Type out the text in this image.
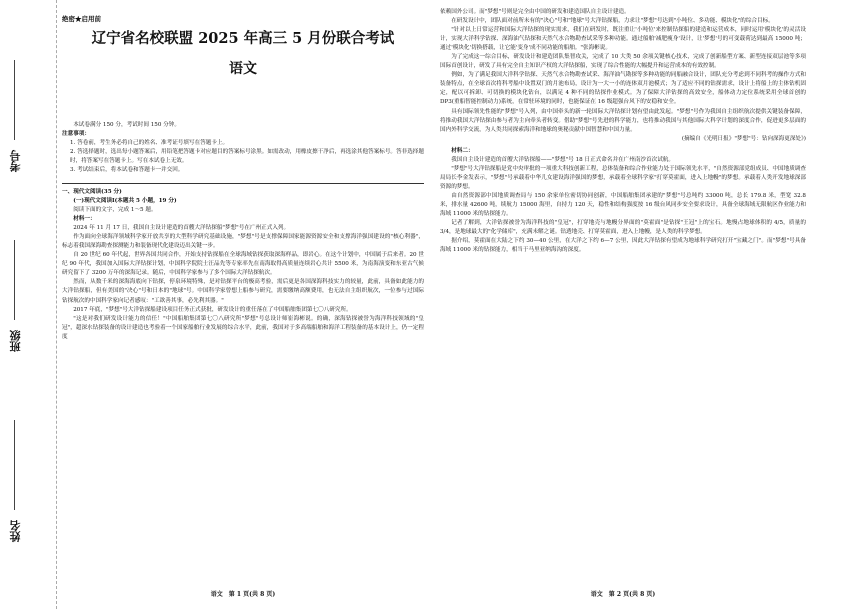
考号
班级
姓名
绝密★启用前
辽宁省名校联盟 2025 年高三 5 月份联合考试
语文

本试卷满分 150 分，考试时间 150 分钟。

注意事项：

1. 答卷前，考生务必将自己的姓名、准考证号填写在答题卡上。

2. 答选择题时，选出每小题答案后，用铅笔把答题卡对应题目的答案标号涂黑。如需改动，用橡皮擦干净后，再选涂其他答案标号。答非选择题时，将答案写在答题卡上。写在本试卷上无效。

3. 考试结束后，将本试卷和答题卡一并交回。

一、现代文阅读(35 分)

(一)现代文阅读Ⅰ(本题共 5 小题，19 分)

阅读下面的文字，完成 1～5 题。

材料一：

2024 年 11 月 17 日，我国自主设计建造的首艘大洋钻探船"梦想"号在广州正式入列。

作为面向全球海洋领域科学家开放共享的大型科学研究基础设施，"梦想"号是支撑保障国家能源资源安全和支撑海洋强国建设的"核心利器"，标志着我国深海勘查探测能力和装备现代化建设迈出关键一步。

自 20 世纪 60 年代起，世界各国共同合作，开始支持钻探船在全球海域钻探获取深海样品，即岩心。在这个计划中，中国属于后来者。20 世纪 90 年代，我国加入国际大洋钻探计划，中国科学院院士汪品先等专家率先在南海取得高质量连续岩心共计 5500 米，为南海演变和东亚古气候研究留下了 3200 万年的深海记录。随后，中国科学家参与了多个国际大洋钻探航次。

然而，从数千米的深海海底向下钻探，停泉环境特殊，是对钻探平台的极高考验，需后更是各国深海科技实力的较量，此前，具备如此能力的大洋钻探船，但有美国的"决心"号和日本的"地球"号。中国科学家曾想上船参与研究，需要缴纳高额费用，也无法自主组织航次，一位参与过国际钻探航次的中国科学家向记者感叹："工欲善其事，必先利其器。"

2017 年底，"梦想"号大洋钻探船建设项目任务正式获批，研发设计的重任落在了中国船舶集团第七〇八研究所。

"这是对我们研发设计能力的信任！"中国船舶集团第七〇八研究所"梦想"号总设计师崔海彬说。的确，深海钻探被誉为海洋科技领域的"皇冠"，超深水钻探装备的设计建造也考验着一个国家船舶行业发展的综合水平，此前，我国对于多高端船舶和海洋工程装备的基本设计上，仍一定程度

语文　第 1 页(共 8 页)

依赖国外公司。而"梦想"号则是完全由中国的研发和建造国队自主设计建造。

在研发设计中，团队面对前所未有的"决心"号和"地球"号大洋钻探船，力求让"梦想"号达到"小吨位、多功能、模块化"的综合目标。

"针对以上日常运营和国际大洋钻探的现实需求，我们在研发时，既注重让'小吨位'来控制钻探船的建造和运营成本，同时运用'模块化'的灵活设计，实现大洋科学钻探、深海油气钻探和天然气水合物勘查试采等多种功能。通过船舶'减肥瘦身'设计，让'梦想'号的可变载荷达到最高 15000 吨；通过'模块化'切换搭载，让它能'变身'成不同功能的船舶。"张海彬说。

为了完成这一综合目标，研发设计和建造团队集智攻关，完成了 10 大类 50 余项关键核心技术，完成了创新船型方案、新型连接双层池等多项国际首创设计，研发了具有完全自主知识产权的大洋钻探船，实现了综合性能的大幅提升和运营成本的有效控制。

例如，为了满足我国大洋科学钻探、天然气水合物勘查试采、海洋油气勘探等多种功能的同船融合设计，团队充分考虑到不同科考的操作方式和装备特点，在全球首次将科考船中设置双门的月池布局，设计为一大一小的连体双月池模式；为了适应不同的钻探需求，设计上将船上的主体钻机固定，配以可拆卸、可切换的模块化钻台，以满足 4 种不同的钻探作业模式。为了保障大洋钻探的高效安全，船体动力定位系统采用全球首创的 DP3(重船智能控制动力)系统，在常驻环境的同时，也能保证在 16 级超强台风下的安稳和安全。

具有国际领先性能的"梦想"号入列，由中国牵头的新一轮国际大洋钻探计划有望由此发起。"梦想"号作为我国自主组织航次提供关键装备保障，将推动我国大洋钻探由参与者为主向牵头者转变。借助"梦想"号先进的科学能力，也将推动我国与其他国际大科学计划的深度合作，促进更多层面的国内外科学交流，为人类共同探索海洋和地球的奥秘贡献中国智慧和中国力量。

(摘编自《光明日报》"梦想"号：钻向深海更深处》)

材料二：

我国自主设计建造的首艘大洋钻探船——"梦想"号 18 日正式命名并在广州南沙首次试航。

"梦想"号大洋钻探船是党中央审批的一项重大科技创新工程，总体装备和综合作业能力处于国际领先水平，"自然资源部党组成员、中国地质调查局局长李金发表示，"梦想"号承载着中华儿女建设海洋强国的梦想，承载着全球科学家"打穿莫霍面，进入上地幔"的梦想。承载着人类开发地球深部资源的梦想。

由自然资源部中国地质调查局与 150 余家单位密切协同创新，中国船舶集团承建的"梦想"号总吨约 33000 吨，总长 179.8 米，型宽 32.8 米，排水量 42600 吨，续航力 15000 海里，自持力 120 天，稳性和结构强度按 16 级台风同步安全要求设计，具备全球海域无限航区作业能力和海域 11000 米的钻探能力。

记者了解到，大洋钻探被誉为海洋科技的"皇冠"，打穿地壳与地幔分界面的"莫霍面"是钻探"王冠"上的宝石。地慢占地球体积的 4/5，质量的 3/4，是地球最大的"化学储库"，充满未解之谜。钻透地壳、打穿莫霍面，进入上地幔，是人类的科学梦想。

据介绍，莫霍面在大陆之下约 30—40 公里，在大洋之下约 6—7 公里，因此大洋钻探有望成为地球科学研究打开"宝藏之门"。而"梦想"号具备海域 11000 米的钻探能力，相当于马里亚纳海沟的深度。

语文　第 2 页(共 8 页)
